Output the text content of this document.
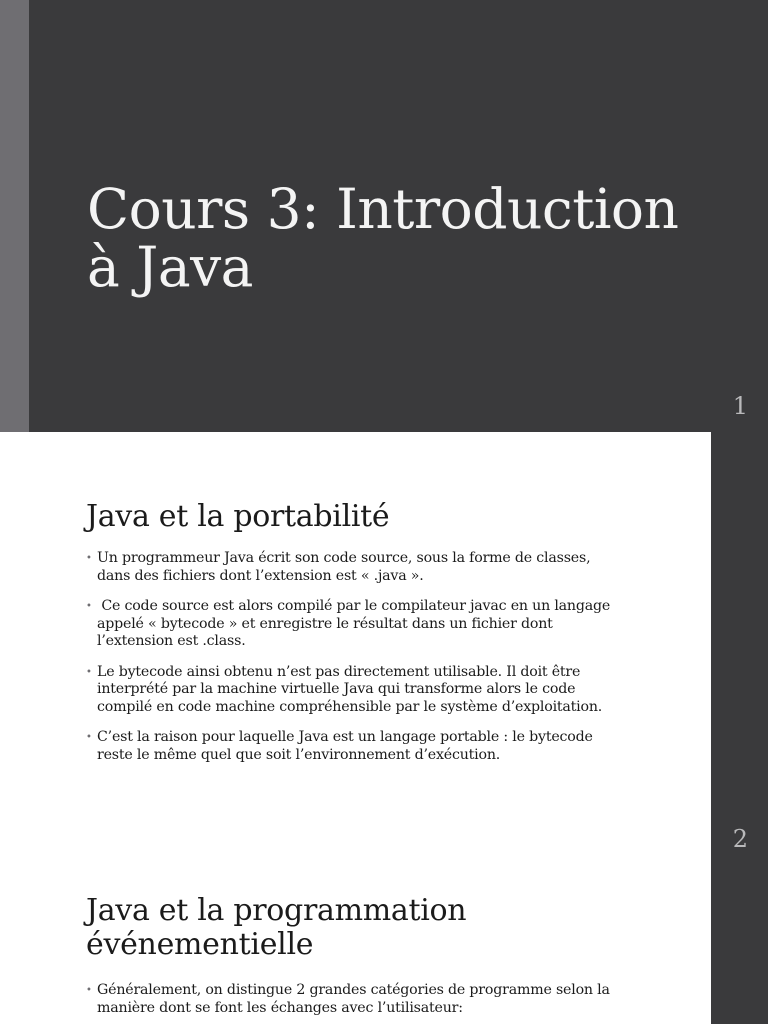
Cours 3: Introduction
à Java
1
Java et la portabilité
• Un programmeur Java écrit son code source, sous la forme de classes, dans des fichiers dont l’extension est « .java ».
• Ce code source est alors compilé par le compilateur javac en un langage appelé « bytecode » et enregistre le résultat dans un fichier dont l’extension est .class.
• Le bytecode ainsi obtenu n’est pas directement utilisable. Il doit être interprété par la machine virtuelle Java qui transforme alors le code compilé en code machine compréhensible par le système d’exploitation.
• C’est la raison pour laquelle Java est un langage portable : le bytecode reste le même quel que soit l’environnement d’exécution.
2
Java et la programmation
événementielle
• Généralement, on distingue 2 grandes catégories de programme selon la manière dont se font les échanges avec l’utilisateur:
